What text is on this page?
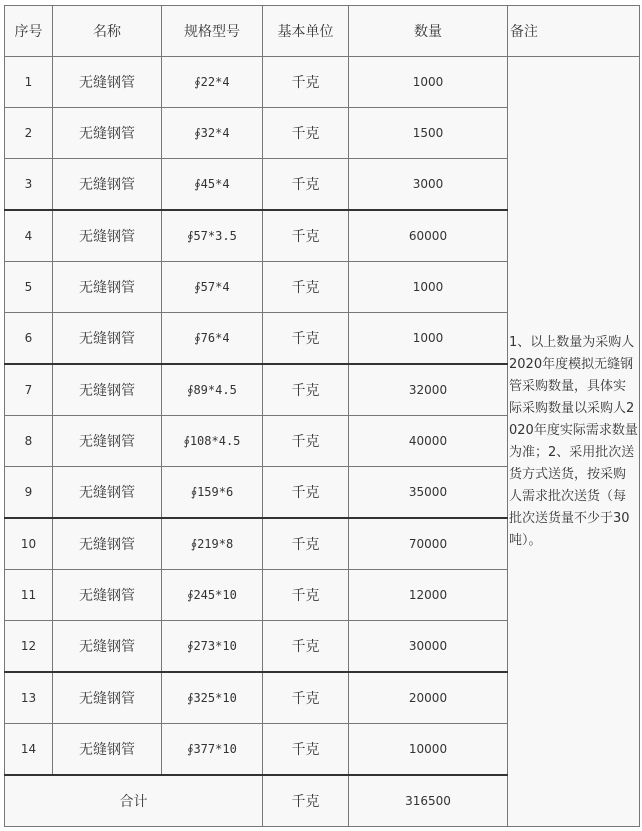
序号	名称	规格型号	基本单位	数量	备注
1	无缝钢管	∮22*4	千克	1000	1、以上数量为采购人2020年度模拟无缝钢管采购数量，具体实际采购数量以采购人2020年度实际需求数量为准；2、采用批次送货方式送货，按采购人需求批次送货（每批次送货量不少于30吨）。
2	无缝钢管	∮32*4	千克	1500	
3	无缝钢管	∮45*4	千克	3000	
4	无缝钢管	∮57*3.5	千克	60000	
5	无缝钢管	∮57*4	千克	1000	
6	无缝钢管	∮76*4	千克	1000	
7	无缝钢管	∮89*4.5	千克	32000	
8	无缝钢管	∮108*4.5	千克	40000	
9	无缝钢管	∮159*6	千克	35000	
10	无缝钢管	∮219*8	千克	70000	
11	无缝钢管	∮245*10	千克	12000	
12	无缝钢管	∮273*10	千克	30000	
13	无缝钢管	∮325*10	千克	20000	
14	无缝钢管	∮377*10	千克	10000	
合计			千克	316500	
